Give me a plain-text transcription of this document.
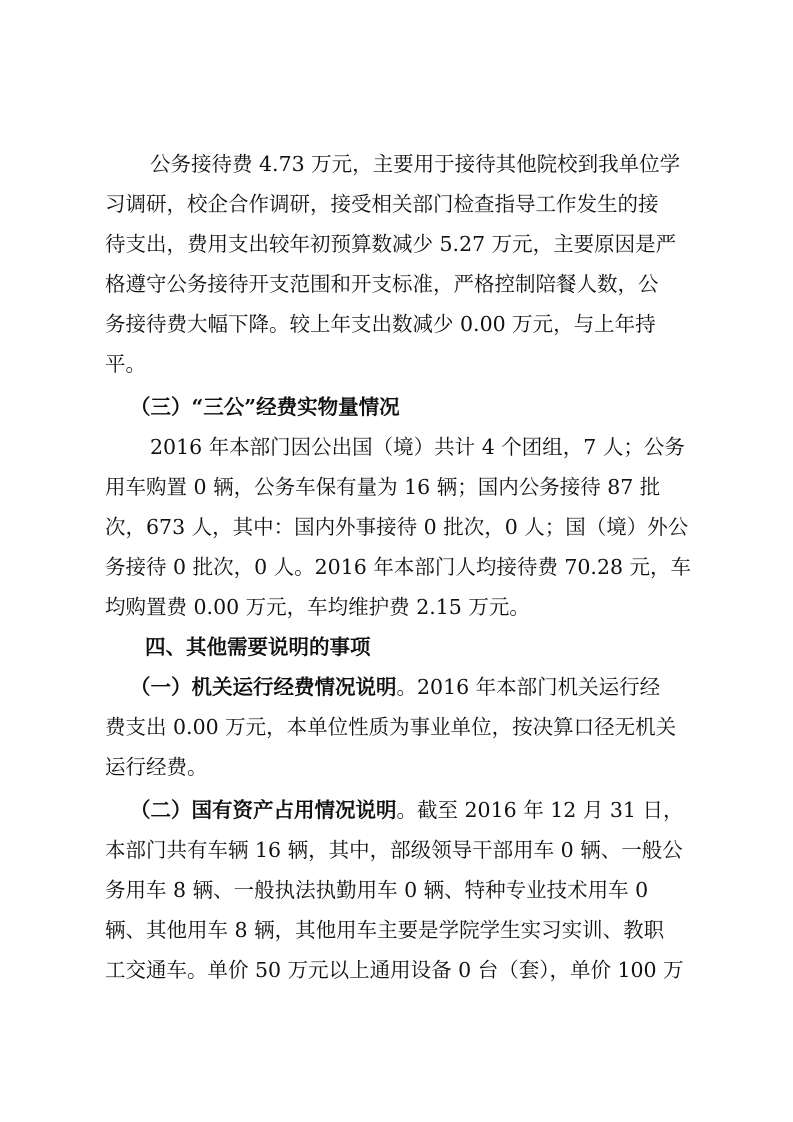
公务接待费 4.73 万元，主要用于接待其他院校到我单位学

习调研，校企合作调研，接受相关部门检查指导工作发生的接

待支出，费用支出较年初预算数减少 5.27 万元，主要原因是严

格遵守公务接待开支范围和开支标准，严格控制陪餐人数，公

务接待费大幅下降。较上年支出数减少 0.00 万元，与上年持

平。

（三）“三公”经费实物量情况

2016 年本部门因公出国（境）共计 4 个团组，7 人；公务

用车购置 0 辆，公务车保有量为 16 辆；国内公务接待 87 批

次，673 人，其中：国内外事接待 0 批次，0 人；国（境）外公

务接待 0 批次，0 人。2016 年本部门人均接待费 70.28 元，车

均购置费 0.00 万元，车均维护费 2.15 万元。

四、其他需要说明的事项

（一）机关运行经费情况说明。2016 年本部门机关运行经

费支出 0.00 万元，本单位性质为事业单位，按决算口径无机关

运行经费。

（二）国有资产占用情况说明。截至 2016 年 12 月 31 日，

本部门共有车辆 16 辆，其中，部级领导干部用车 0 辆、一般公

务用车 8 辆、一般执法执勤用车 0 辆、特种专业技术用车 0

辆、其他用车 8 辆，其他用车主要是学院学生实习实训、教职

工交通车。单价 50 万元以上通用设备 0 台（套），单价 100 万
